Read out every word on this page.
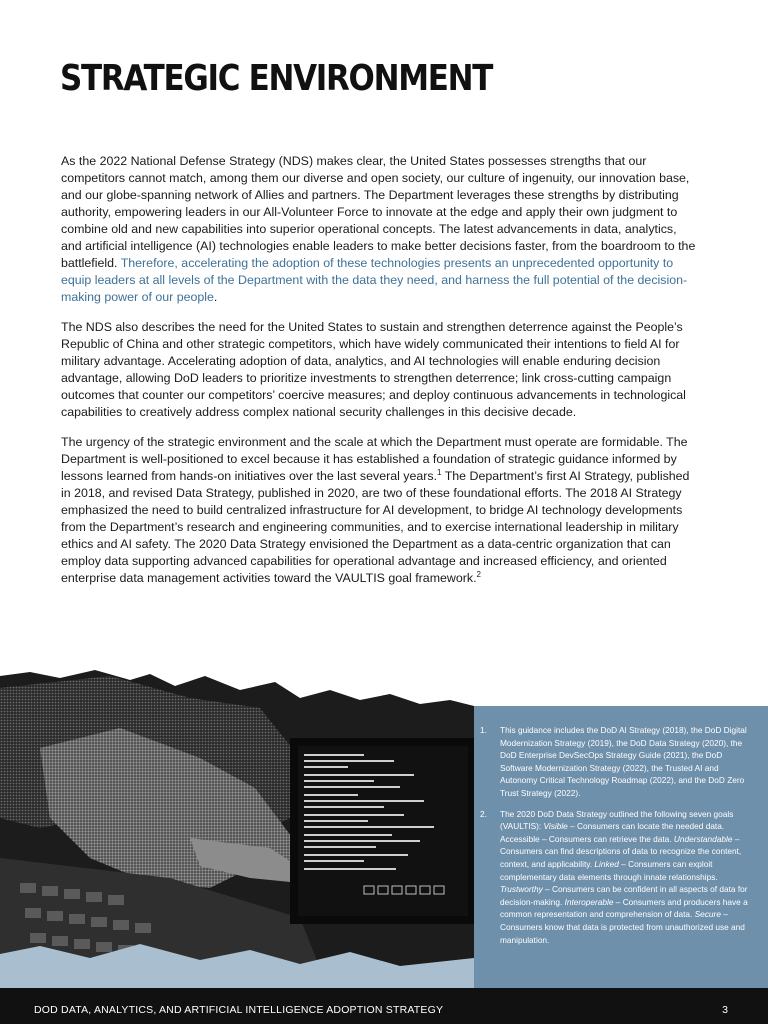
STRATEGIC ENVIRONMENT

As the 2022 National Defense Strategy (NDS) makes clear, the United States possesses strengths that our competitors cannot match, among them our diverse and open society, our culture of ingenuity, our innovation base, and our globe-spanning network of Allies and partners. The Department leverages these strengths by distributing authority, empowering leaders in our All-Volunteer Force to innovate at the edge and apply their own judgment to combine old and new capabilities into superior operational concepts. The latest advancements in data, analytics, and artificial intelligence (AI) technologies enable leaders to make better decisions faster, from the boardroom to the battlefield. Therefore, accelerating the adoption of these technologies presents an unprecedented opportunity to equip leaders at all levels of the Department with the data they need, and harness the full potential of the decision-making power of our people.

The NDS also describes the need for the United States to sustain and strengthen deterrence against the People’s Republic of China and other strategic competitors, which have widely communicated their intentions to field AI for military advantage. Accelerating adoption of data, analytics, and AI technologies will enable enduring decision advantage, allowing DoD leaders to prioritize investments to strengthen deterrence; link cross-cutting campaign outcomes that counter our competitors’ coercive measures; and deploy continuous advancements in technological capabilities to creatively address complex national security challenges in this decisive decade.

The urgency of the strategic environment and the scale at which the Department must operate are formidable. The Department is well-positioned to excel because it has established a foundation of strategic guidance informed by lessons learned from hands-on initiatives over the last several years.$^1$ The Department’s first AI Strategy, published in 2018, and revised Data Strategy, published in 2020, are two of these foundational efforts. The 2018 AI Strategy emphasized the need to build centralized infrastructure for AI development, to bridge AI technology developments from the Department’s research and engineering communities, and to exercise international leadership in military ethics and AI safety. The 2020 Data Strategy envisioned the Department as a data-centric organization that can employ data supporting advanced capabilities for operational advantage and increased efficiency, and oriented enterprise data management activities toward the VAULTIS goal framework.$^2$

1.	This guidance includes the DoD AI Strategy (2018), the DoD Digital Modernization Strategy (2019), the DoD Data Strategy (2020), the DoD Enterprise DevSecOps Strategy Guide (2021), the DoD Software Modernization Strategy (2022), the Trusted AI and Autonomy Critical Technology Roadmap (2022), and the DoD Zero Trust Strategy (2022).
2.	The 2020 DoD Data Strategy outlined the following seven goals (VAULTIS): Visible – Consumers can locate the needed data. Accessible – Consumers can retrieve the data. Understandable – Consumers can find descriptions of data to recognize the content, context, and applicability. Linked – Consumers can exploit complementary data elements through innate relationships. Trustworthy – Consumers can be confident in all aspects of data for decision-making. Interoperable – Consumers and producers have a common representation and comprehension of data. Secure – Consumers know that data is protected from unauthorized use and manipulation.
DOD DATA, ANALYTICS, AND ARTIFICIAL INTELLIGENCE ADOPTION STRATEGY	3
